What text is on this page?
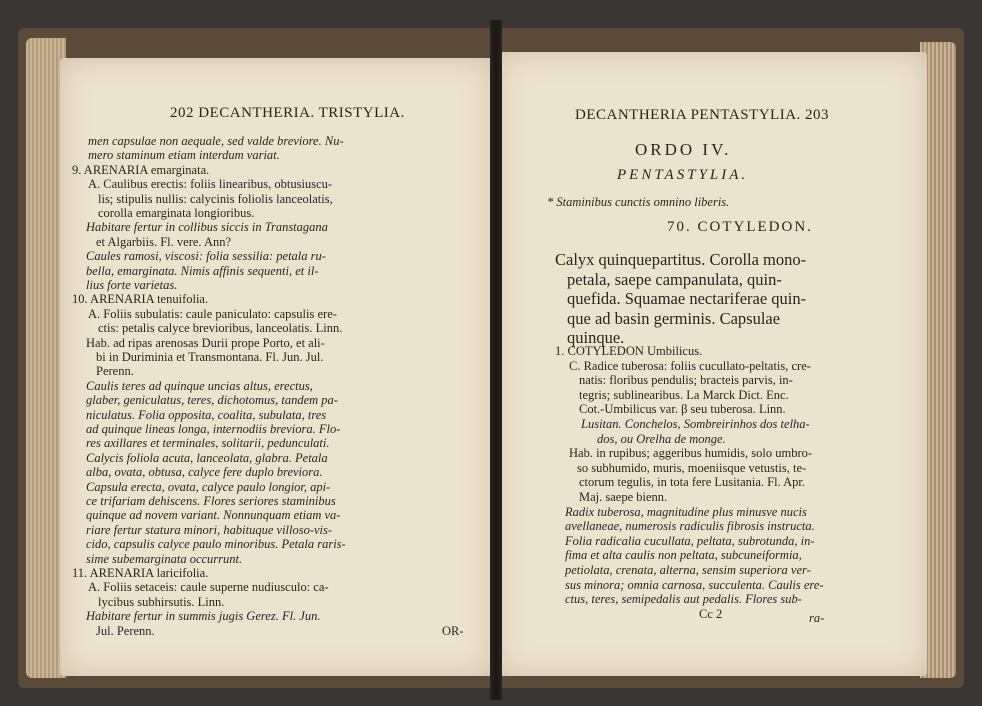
202 DECANTHERIA. TRISTYLIA.
men capsulae non aequale, sed valde breviore. Nu-
mero staminum etiam interdum variat.
9. ARENARIA emarginata.
A. Caulibus erectis: foliis linearibus, obtusiuscu-
lis; stipulis nullis: calycinis foliolis lanceolatis,
corolla emarginata longioribus.
Habitare fertur in collibus siccis in Transtagana
et Algarbiis. Fl. vere. Ann?
Caules ramosi, viscosi: folia sessilia: petala ru-
bella, emarginata. Nimis affinis sequenti, et il-
lius forte varietas.
10. ARENARIA tenuifolia.
A. Foliis subulatis: caule paniculato: capsulis ere-
ctis: petalis calyce brevioribus, lanceolatis. Linn.
Hab. ad ripas arenosas Durii prope Porto, et ali-
bi in Duriminia et Transmontana. Fl. Jun. Jul.
Perenn.
Caulis teres ad quinque uncias altus, erectus,
glaber, geniculatus, teres, dichotomus, tandem pa-
niculatus. Folia opposita, coalita, subulata, tres
ad quinque lineas longa, internodiis breviora. Flo-
res axillares et terminales, solitarii, pedunculati.
Calycis foliola acuta, lanceolata, glabra. Petala
alba, ovata, obtusa, calyce fere duplo breviora.
Capsula erecta, ovata, calyce paulo longior, api-
ce trifariam dehiscens. Flores seriores staminibus
quinque ad novem variant. Nonnunquam etiam va-
riare fertur statura minori, habituque villoso-vis-
cido, capsulis calyce paulo minoribus. Petala raris-
sime subemarginata occurrunt.
11. ARENARIA laricifolia.
A. Foliis setaceis: caule superne nudiusculo: ca-
lycibus subhirsutis. Linn.
Habitare fertur in summis jugis Gerez. Fl. Jun.
Jul. Perenn.	OR-
DECANTHERIA PENTASTYLIA. 203
ORDO IV.
PENTASTYLIA.
* Staminibus cunctis omnino liberis.
70. COTYLEDON.
Calyx quinquepartitus. Corolla mono-
petala, saepe campanulata, quin-
quefida. Squamae nectariferae quin-
que ad basin germinis. Capsulae
quinque.
1. COTYLEDON Umbilicus.
C. Radice tuberosa: foliis cucullato-peltatis, cre-
natis: floribus pendulis; bracteis parvis, in-
tegris; sublinearibus. La Marck Dict. Enc.
Cot.-Umbilicus var. β seu tuberosa. Linn.
Lusitan. Conchelos, Sombreirinhos dos telha-
dos, ou Orelha de monge.
Hab. in rupibus; aggeribus humidis, solo umbro-
so subhumido, muris, moeniisque vetustis, te-
ctorum tegulis, in tota fere Lusitania. Fl. Apr.
Maj. saepe bienn.
Radix tuberosa, magnitudine plus minusve nucis
avellaneae, numerosis radiculis fibrosis instructa.
Folia radicalia cucullata, peltata, subrotunda, in-
fima et alta caulis non peltata, subcuneiformia,
petiolata, crenata, alterna, sensim superiora ver-
sus minora; omnia carnosa, succulenta. Caulis ere-
ctus, teres, semipedalis aut pedalis. Flores sub-
Cc 2	ra-
